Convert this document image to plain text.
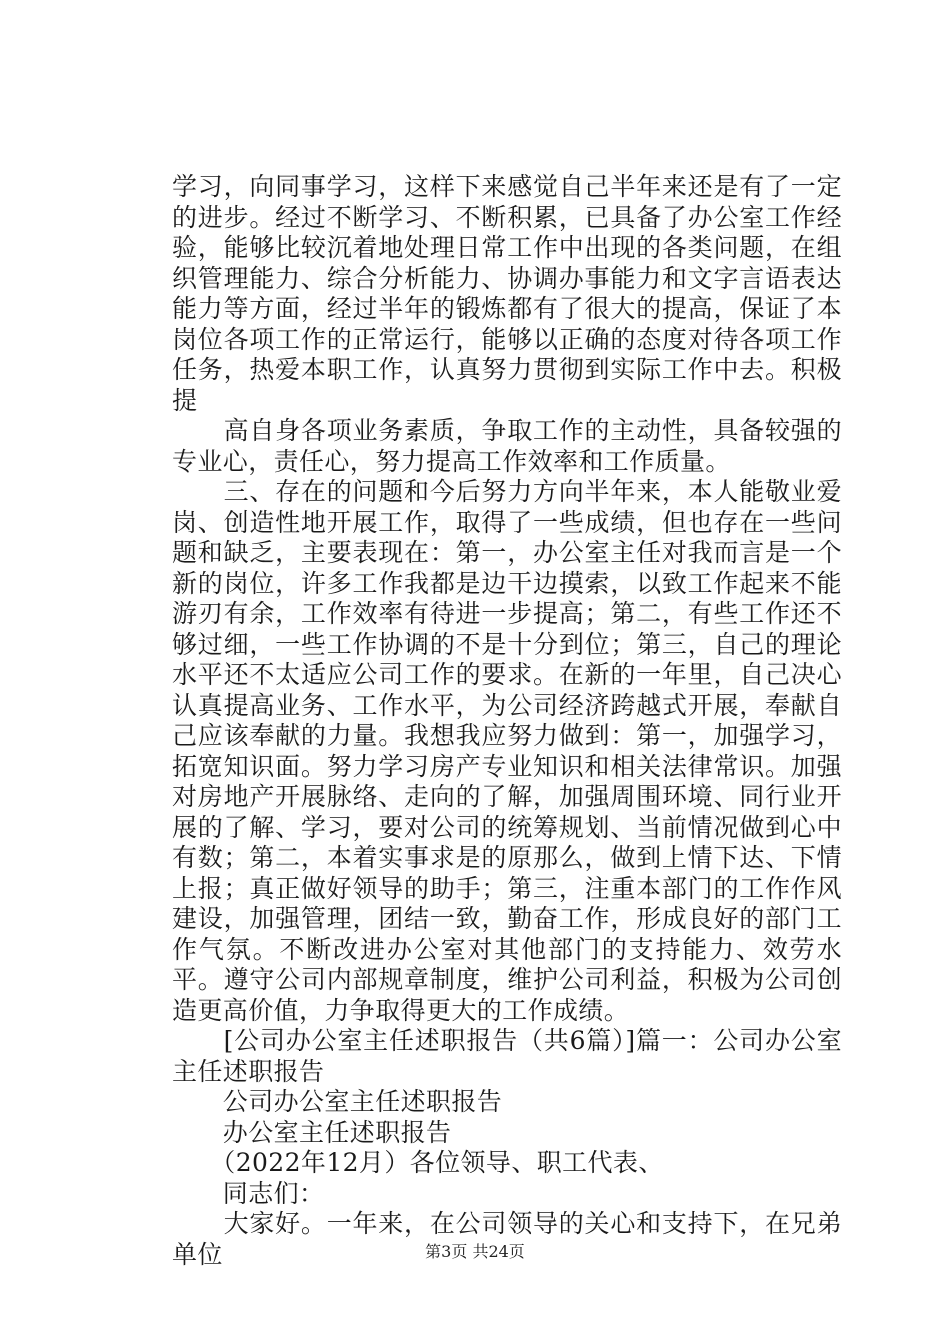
学习，向同事学习，这样下来感觉自己半年来还是有了一定的进步。经过不断学习、不断积累，已具备了办公室工作经验，能够比较沉着地处理日常工作中出现的各类问题，在组织管理能力、综合分析能力、协调办事能力和文字言语表达能力等方面，经过半年的锻炼都有了很大的提高，保证了本岗位各项工作的正常运行，能够以正确的态度对待各项工作任务，热爱本职工作，认真努力贯彻到实际工作中去。积极提

　　高自身各项业务素质，争取工作的主动性，具备较强的专业心，责任心，努力提高工作效率和工作质量。

　　三、存在的问题和今后努力方向半年来，本人能敬业爱岗、创造性地开展工作，取得了一些成绩，但也存在一些问题和缺乏，主要表现在：第一，办公室主任对我而言是一个新的岗位，许多工作我都是边干边摸索，以致工作起来不能游刃有余，工作效率有待进一步提高；第二，有些工作还不够过细，一些工作协调的不是十分到位；第三，自己的理论水平还不太适应公司工作的要求。在新的一年里，自己决心认真提高业务、工作水平，为公司经济跨越式开展，奉献自己应该奉献的力量。我想我应努力做到：第一，加强学习，拓宽知识面。努力学习房产专业知识和相关法律常识。加强对房地产开展脉络、走向的了解，加强周围环境、同行业开展的了解、学习，要对公司的统筹规划、当前情况做到心中有数；第二，本着实事求是的原那么，做到上情下达、下情上报；真正做好领导的助手；第三，注重本部门的工作作风建设，加强管理，团结一致，勤奋工作，形成良好的部门工作气氛。不断改进办公室对其他部门的支持能力、效劳水平。遵守公司内部规章制度，维护公司利益，积极为公司创造更高价值，力争取得更大的工作成绩。

　　[公司办公室主任述职报告（共6篇）]篇一：公司办公室主任述职报告

　　公司办公室主任述职报告

　　办公室主任述职报告

　　（2022年12月）各位领导、职工代表、

　　同志们：

　　大家好。一年来，在公司领导的关心和支持下，在兄弟单位	第3页 共24页
